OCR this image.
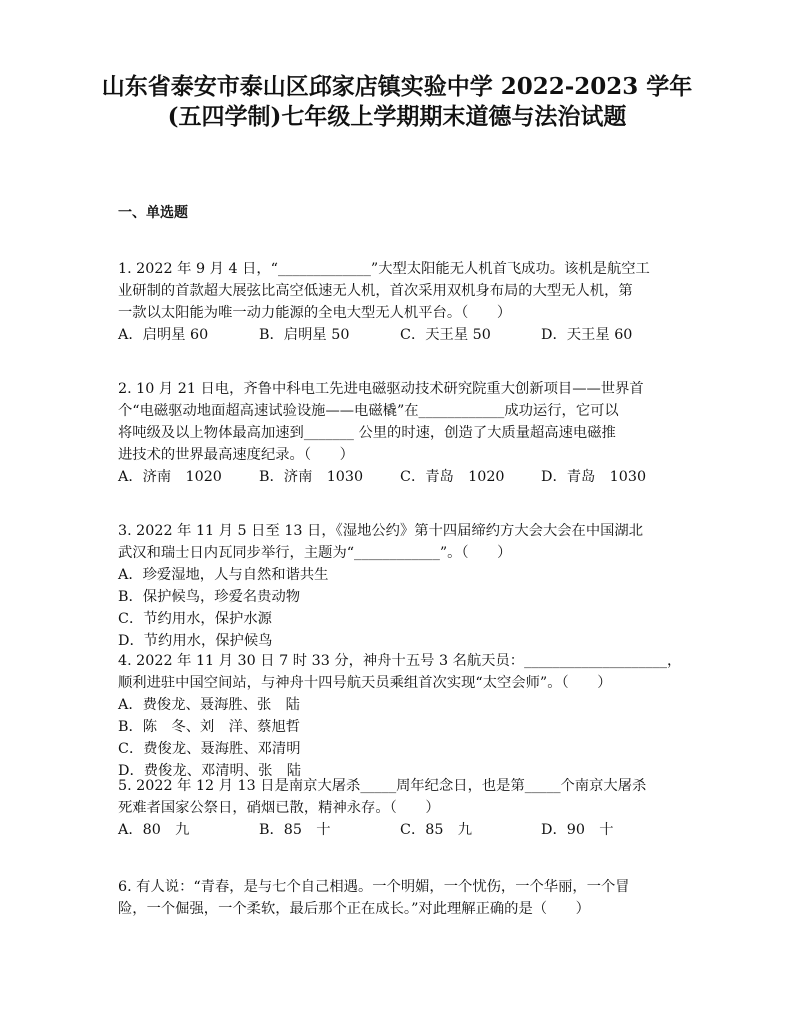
山东省泰安市泰山区邱家店镇实验中学 2022-2023 学年
(五四学制)七年级上学期期末道德与法治试题
一、单选题
1. 2022 年 9 月 4 日，“_____________”大型太阳能无人机首飞成功。该机是航空工
业研制的首款超大展弦比高空低速无人机，首次采用双机身布局的大型无人机，第
一款以太阳能为唯一动力能源的全电大型无人机平台。（　　）
A．启明星 60	B．启明星 50	C．天王星 50	D．天王星 60
2. 10 月 21 日电，齐鲁中科电工先进电磁驱动技术研究院重大创新项目——世界首
个“电磁驱动地面超高速试验设施——电磁橇”在____________成功运行，它可以
将吨级及以上物体最高加速到_______ 公里的时速，创造了大质量超高速电磁推
进技术的世界最高速度纪录。（　　）
A．济南　1020	B．济南　1030	C．青岛　1020	D．青岛　1030
3. 2022 年 11 月 5 日至 13 日，《湿地公约》第十四届缔约方大会大会在中国湖北
武汉和瑞士日内瓦同步举行，主题为“____________”。（　　）
A．珍爱湿地，人与自然和谐共生
B．保护候鸟，珍爱名贵动物
C．节约用水，保护水源
D．节约用水，保护候鸟
4. 2022 年 11 月 30 日 7 时 33 分，神舟十五号 3 名航天员：____________________，
顺利进驻中国空间站，与神舟十四号航天员乘组首次实现“太空会师”。（　　）
A．费俊龙、聂海胜、张　陆
B．陈　冬、刘　洋、蔡旭哲
C．费俊龙、聂海胜、邓清明
D．费俊龙、邓清明、张　陆
5. 2022 年 12 月 13 日是南京大屠杀_____周年纪念日，也是第_____个南京大屠杀
死难者国家公祭日，硝烟已散，精神永存。（　　）
A．80　九	B．85　十	C．85　九	D．90　十
6. 有人说：“青春，是与七个自己相遇。一个明媚，一个忧伤，一个华丽，一个冒
险，一个倔强，一个柔软，最后那个正在成长。”对此理解正确的是（　　）
